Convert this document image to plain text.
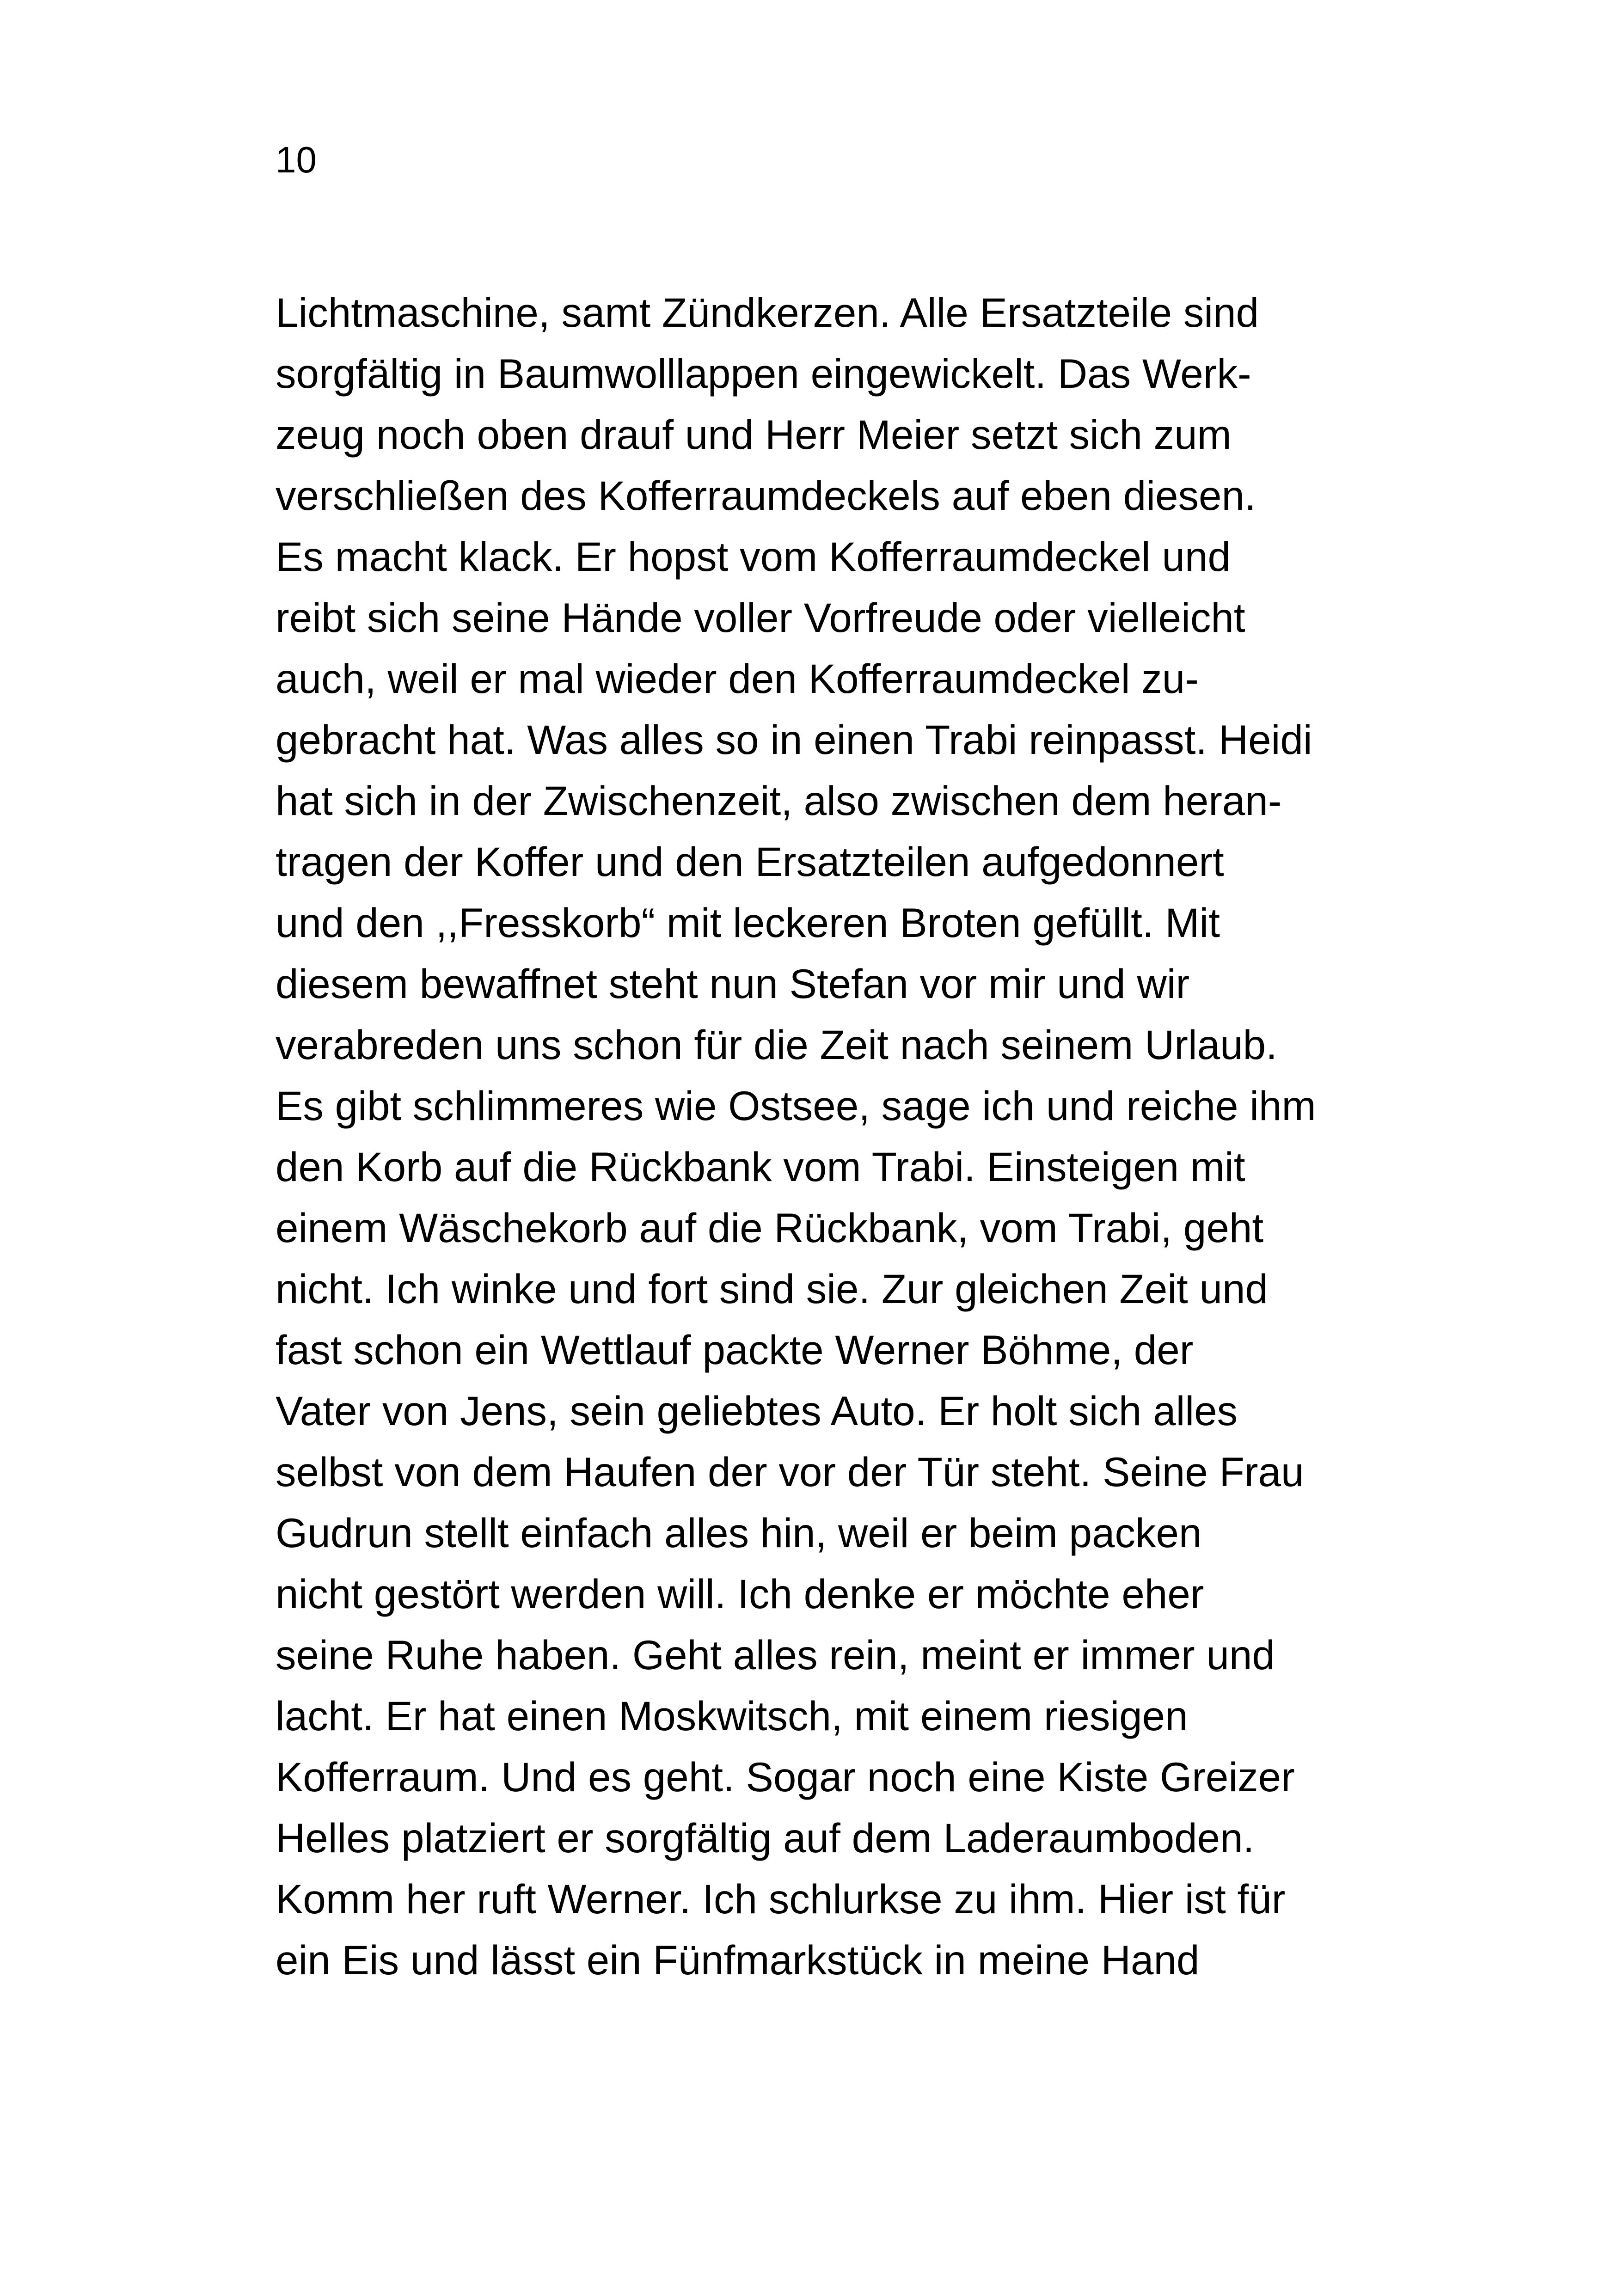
10
Lichtmaschine, samt Zündkerzen. Alle Ersatzteile sind
sorgfältig in Baumwolllappen eingewickelt. Das Werk-
zeug noch oben drauf und Herr Meier setzt sich zum
verschließen des Kofferraumdeckels auf eben diesen.
Es macht klack. Er hopst vom Kofferraumdeckel und
reibt sich seine Hände voller Vorfreude oder vielleicht
auch, weil er mal wieder den Kofferraumdeckel zu-
gebracht hat. Was alles so in einen Trabi reinpasst. Heidi
hat sich in der Zwischenzeit, also zwischen dem heran-
tragen der Koffer und den Ersatzteilen aufgedonnert
und den ,,Fresskorb“ mit leckeren Broten gefüllt. Mit
diesem bewaffnet steht nun Stefan vor mir und wir
verabreden uns schon für die Zeit nach seinem Urlaub.
Es gibt schlimmeres wie Ostsee, sage ich und reiche ihm
den Korb auf die Rückbank vom Trabi. Einsteigen mit
einem Wäschekorb auf die Rückbank, vom Trabi, geht
nicht. Ich winke und fort sind sie. Zur gleichen Zeit und
fast schon ein Wettlauf packte Werner Böhme, der
Vater von Jens, sein geliebtes Auto. Er holt sich alles
selbst von dem Haufen der vor der Tür steht. Seine Frau
Gudrun stellt einfach alles hin, weil er beim packen
nicht gestört werden will. Ich denke er möchte eher
seine Ruhe haben. Geht alles rein, meint er immer und
lacht. Er hat einen Moskwitsch, mit einem riesigen
Kofferraum. Und es geht. Sogar noch eine Kiste Greizer
Helles platziert er sorgfältig auf dem Laderaumboden.
Komm her ruft Werner. Ich schlurkse zu ihm. Hier ist für
ein Eis und lässt ein Fünfmarkstück in meine Hand
